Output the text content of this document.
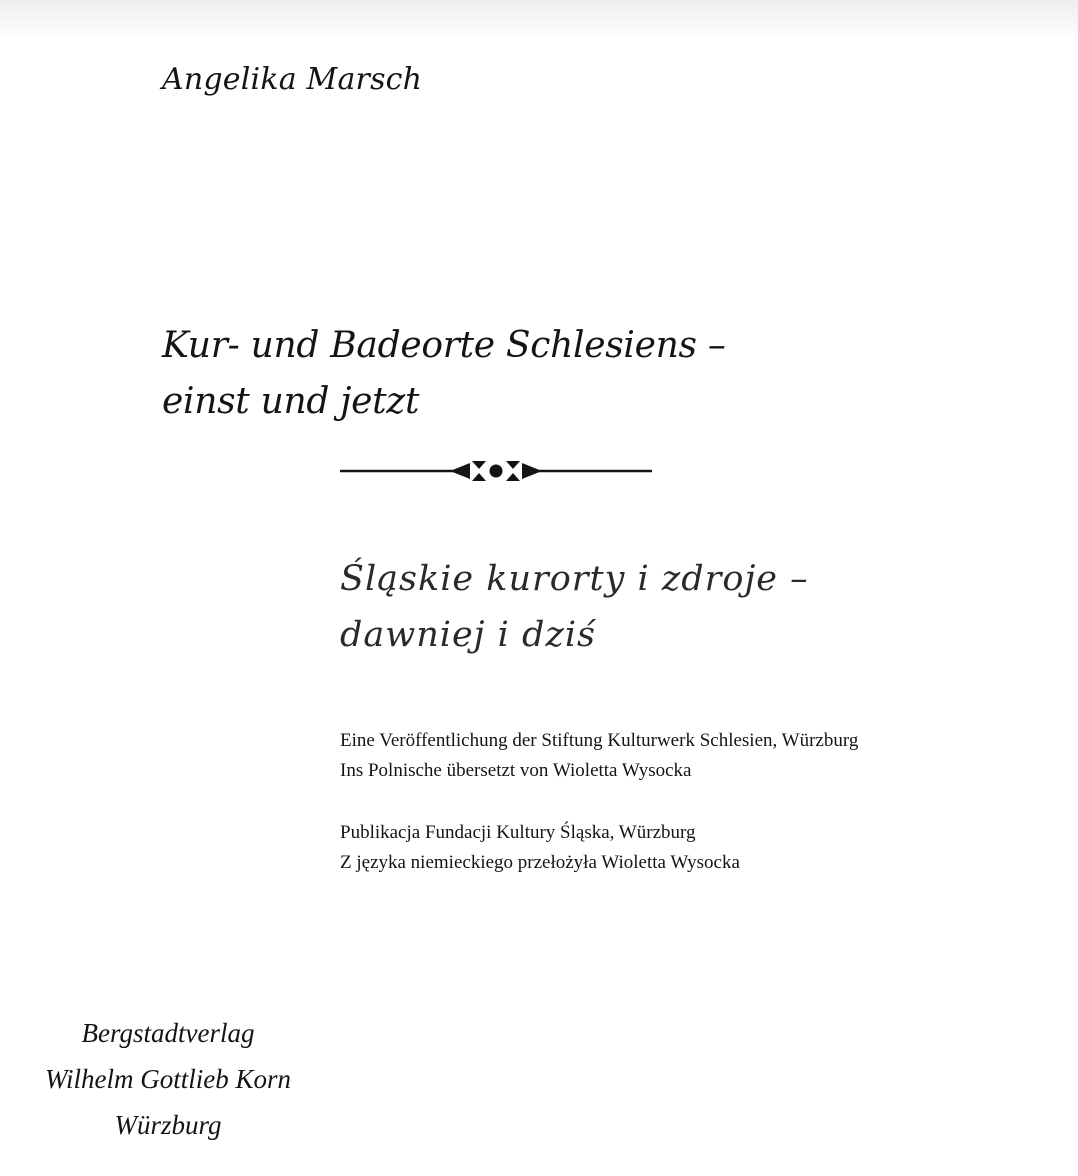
Angelika Marsch
Kur- und Badeorte Schlesiens –
einst und jetzt
Śląskie kurorty i zdroje –
dawniej i dziś
Eine Veröffentlichung der Stiftung Kulturwerk Schlesien, Würzburg
Ins Polnische übersetzt von Wioletta Wysocka
Publikacja Fundacji Kultury Śląska, Würzburg
Z języka niemieckiego przełożyła Wioletta Wysocka
Bergstadtverlag
Wilhelm Gottlieb Korn
Würzburg
